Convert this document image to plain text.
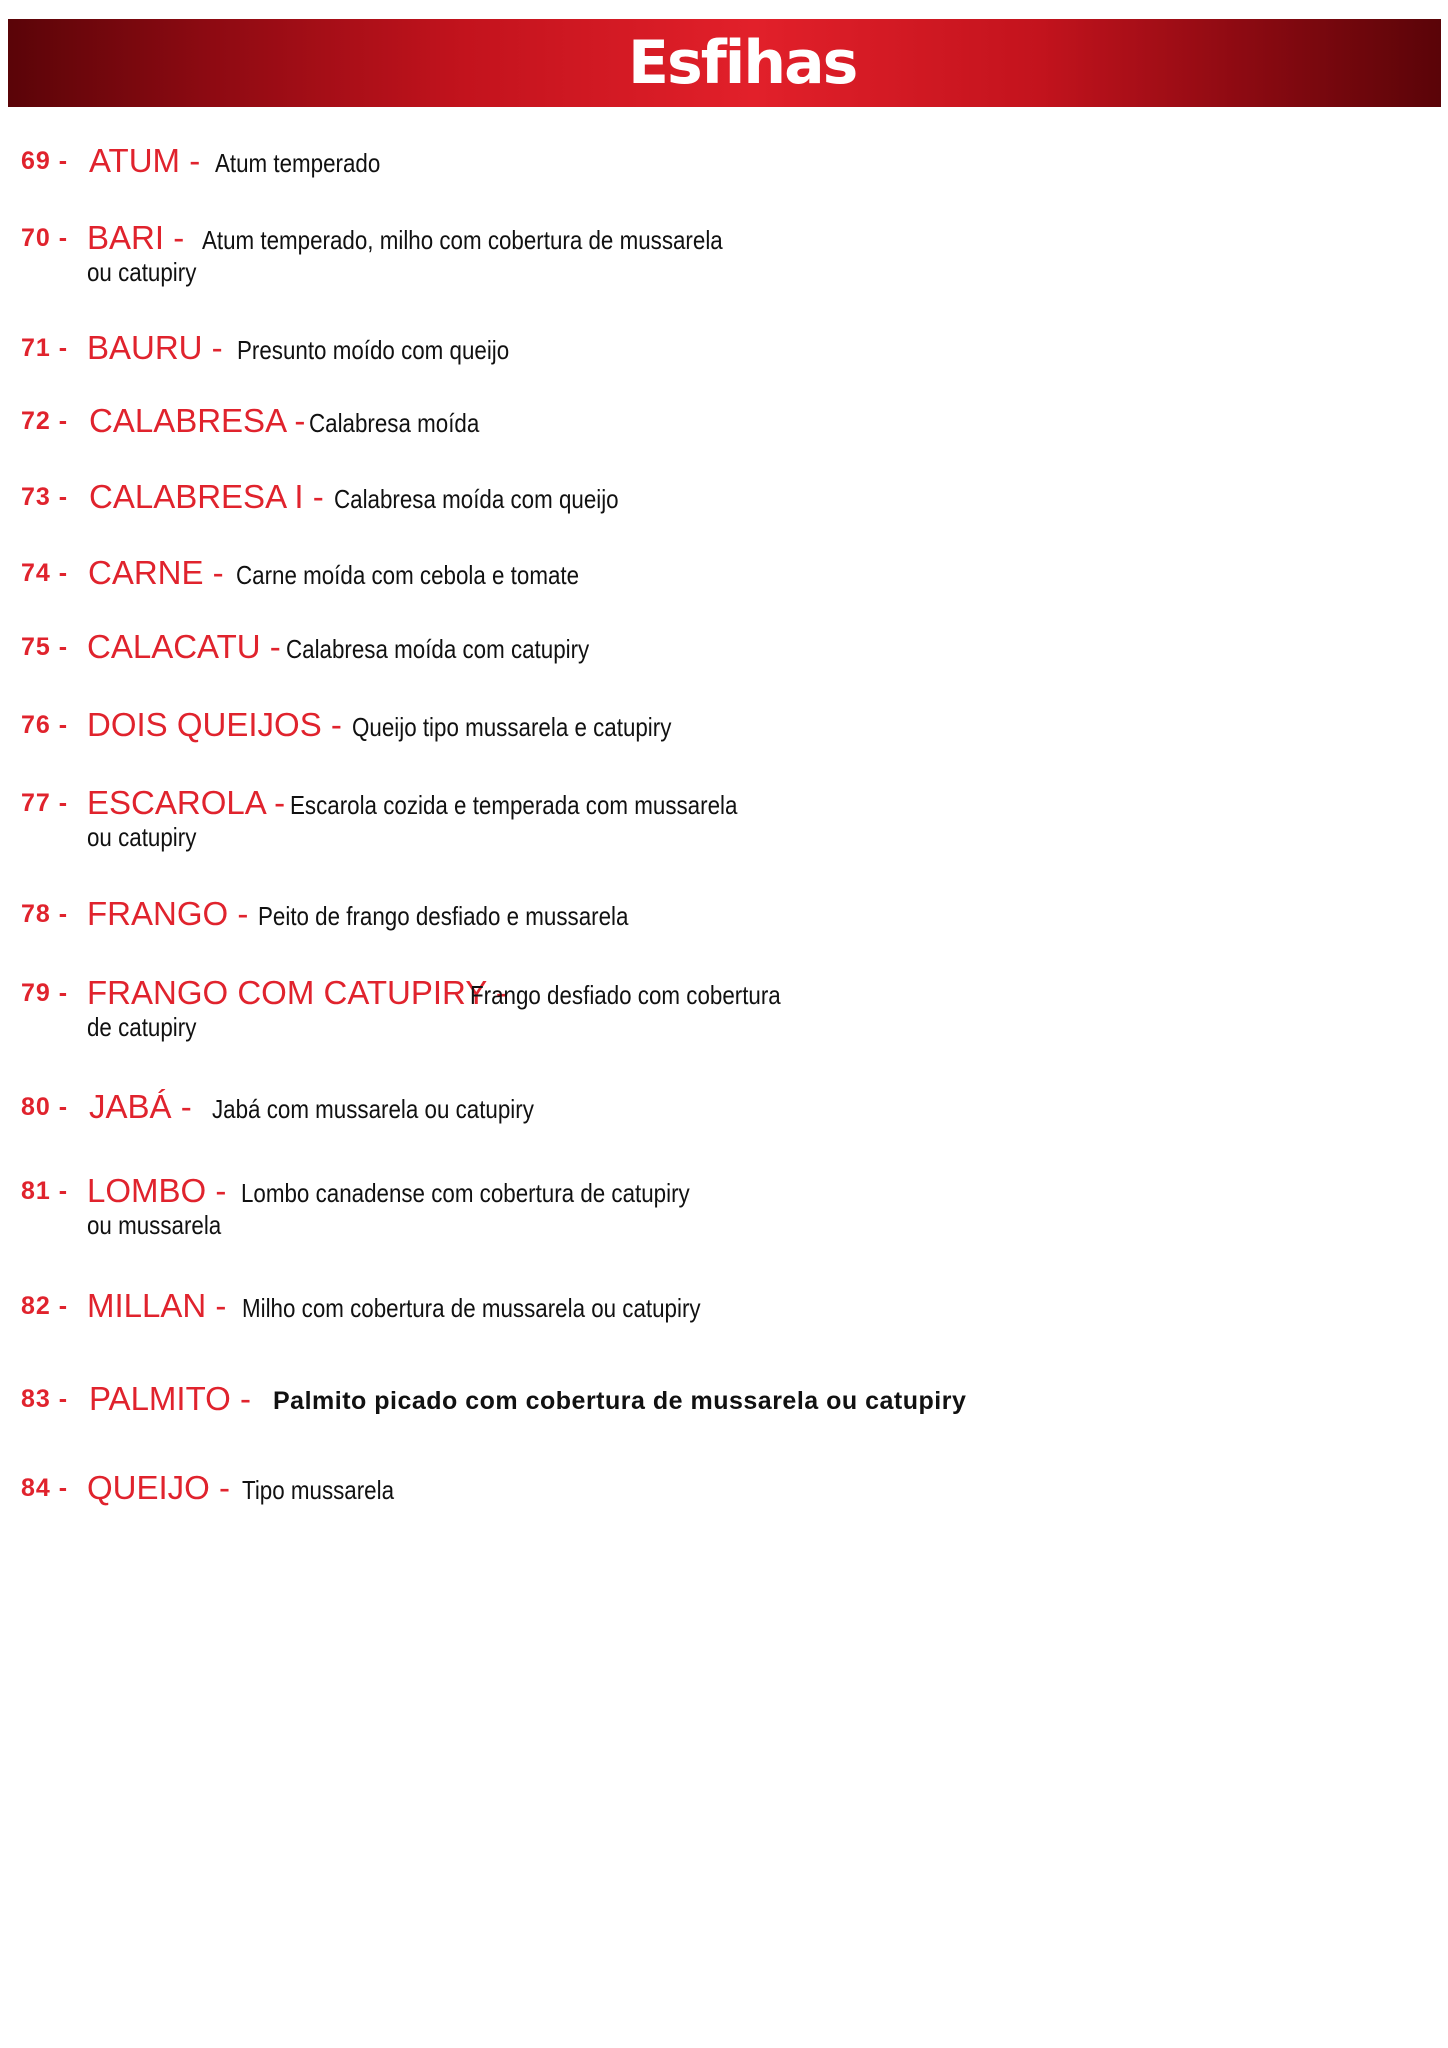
Esfihas
69 - ATUM - Atum temperado
70 - BARI - Atum temperado, milho com cobertura de mussarela
ou catupiry
71 - BAURU - Presunto moído com queijo
72 - CALABRESA - Calabresa moída
73 - CALABRESA I - Calabresa moída com queijo
74 - CARNE - Carne moída com cebola e tomate
75 - CALACATU - Calabresa moída com catupiry
76 - DOIS QUEIJOS - Queijo tipo mussarela e catupiry
77 - ESCAROLA - Escarola cozida e temperada com mussarela
ou catupiry
78 - FRANGO - Peito de frango desfiado e mussarela
79 - FRANGO COM CATUPIRY -
Frango desfiado com cobertura
de catupiry
80 - JABÁ - Jabá com mussarela ou catupiry
81 - LOMBO - Lombo canadense com cobertura de catupiry
ou mussarela
82 - MILLAN - Milho com cobertura de mussarela ou catupiry
83 - PALMITO - Palmito picado com cobertura de mussarela ou catupiry
84 - QUEIJO - Tipo mussarela
